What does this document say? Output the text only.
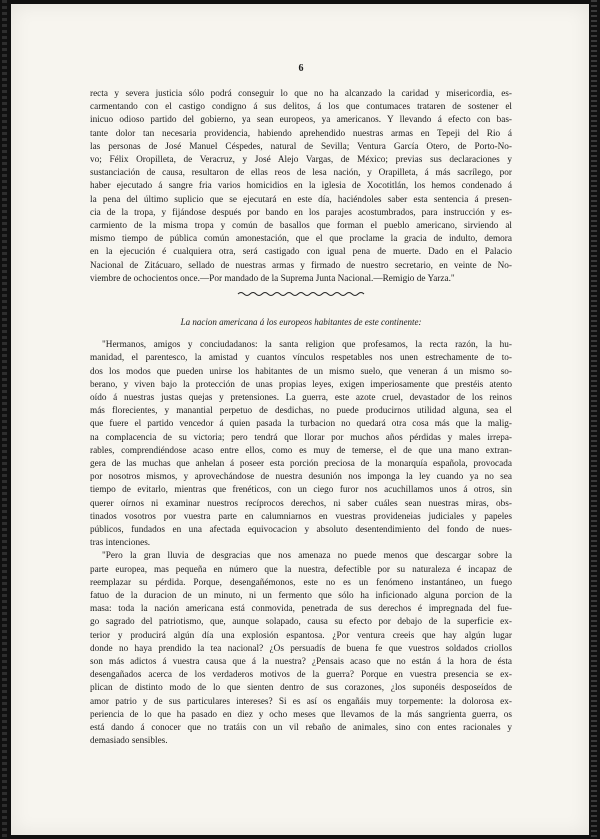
6
recta y severa justicia sólo podrá conseguir lo que no ha alcanzado la caridad y misericordia, es-
carmentando con el castigo condigno á sus delitos, á los que contumaces trataren de sostener el
inicuo odioso partido del gobierno, ya sean europeos, ya americanos. Y llevando á efecto con bas-
tante dolor tan necesaria providencia, habiendo aprehendido nuestras armas en Tepeji del Rio á
las personas de José Manuel Céspedes, natural de Sevilla; Ventura García Otero, de Porto-No-
vo; Félix Oropilleta, de Veracruz, y José Alejo Vargas, de México; previas sus declaraciones y
sustanciación de causa, resultaron de ellas reos de lesa nación, y Orapilleta, á más sacrílego, por
haber ejecutado á sangre fria varios homicidios en la iglesia de Xocotitlán, los hemos condenado á
la pena del último suplicio que se ejecutará en este día, haciéndoles saber esta sentencia á presen-
cia de la tropa, y fijándose después por bando en los parajes acostumbrados, para instrucción y es-
carmiento de la misma tropa y común de basallos que forman el pueblo americano, sirviendo al
mismo tiempo de pública común amonestación, que el que proclame la gracia de indulto, demora
en la ejecución é cualquiera otra, será castigado con igual pena de muerte. Dado en el Palacio
Nacional de Zitácuaro, sellado de nuestras armas y firmado de nuestro secretario, en veinte de No-
viembre de ochocientos once.—Por mandado de la Suprema Junta Nacional.—Remigio de Yarza."
La nacion americana á los europeos habitantes de este continente:
"Hermanos, amigos y conciudadanos: la santa religion que profesamos, la recta razón, la hu-
manidad, el parentesco, la amistad y cuantos vínculos respetables nos unen estrechamente de to-
dos los modos que pueden unirse los habitantes de un mismo suelo, que veneran á un mismo so-
berano, y viven bajo la protección de unas propias leyes, exigen imperiosamente que prestéis atento
oído á nuestras justas quejas y pretensiones. La guerra, este azote cruel, devastador de los reinos
más florecientes, y manantial perpetuo de desdichas, no puede producirnos utilidad alguna, sea el
que fuere el partido vencedor á quien pasada la turbacion no quedará otra cosa más que la malig-
na complacencia de su victoria; pero tendrá que llorar por muchos años pérdidas y males irrepa-
rables, comprendiéndose acaso entre ellos, como es muy de temerse, el de que una mano extran-
gera de las muchas que anhelan á poseer esta porción preciosa de la monarquía española, provocada
por nosotros mismos, y aprovechándose de nuestra desunión nos imponga la ley cuando ya no sea
tiempo de evitarlo, mientras que frenéticos, con un ciego furor nos acuchillamos unos á otros, sin
querer oírnos ni examinar nuestros recíprocos derechos, ni saber cuáles sean nuestras miras, obs-
tinados vosotros por vuestra parte en calumniarnos en vuestras provideneias judiciales y papeles
públicos, fundados en una afectada equivocacion y absoluto desentendimiento del fondo de nues-
tras intenciones.
"Pero la gran lluvia de desgracias que nos amenaza no puede menos que descargar sobre la
parte europea, mas pequeña en número que la nuestra, defectible por su naturaleza é incapaz de
reemplazar su pérdida. Porque, desengañémonos, este no es un fenómeno instantáneo, un fuego
fatuo de la duracion de un minuto, ni un fermento que sólo ha inficionado alguna porcion de la
masa: toda la nación americana está conmovida, penetrada de sus derechos é impregnada del fue-
go sagrado del patriotismo, que, aunque solapado, causa su efecto por debajo de la superficie ex-
terior y producirá algún día una explosión espantosa. ¿Por ventura creeis que hay algún lugar
donde no haya prendido la tea nacional? ¿Os persuadís de buena fe que vuestros soldados criollos
son más adictos á vuestra causa que á la nuestra? ¿Pensais acaso que no están á la hora de ésta
desengañados acerca de los verdaderos motivos de la guerra? Porque en vuestra presencia se ex-
plican de distinto modo de lo que sienten dentro de sus corazones, ¿los suponéis desposeídos de
amor patrio y de sus particulares intereses? Si es así os engañáis muy torpemente: la dolorosa ex-
periencia de lo que ha pasado en diez y ocho meses que llevamos de la más sangrienta guerra, os
está dando á conocer que no tratáis con un vil rebaño de animales, sino con entes racionales y
demasiado sensibles.
